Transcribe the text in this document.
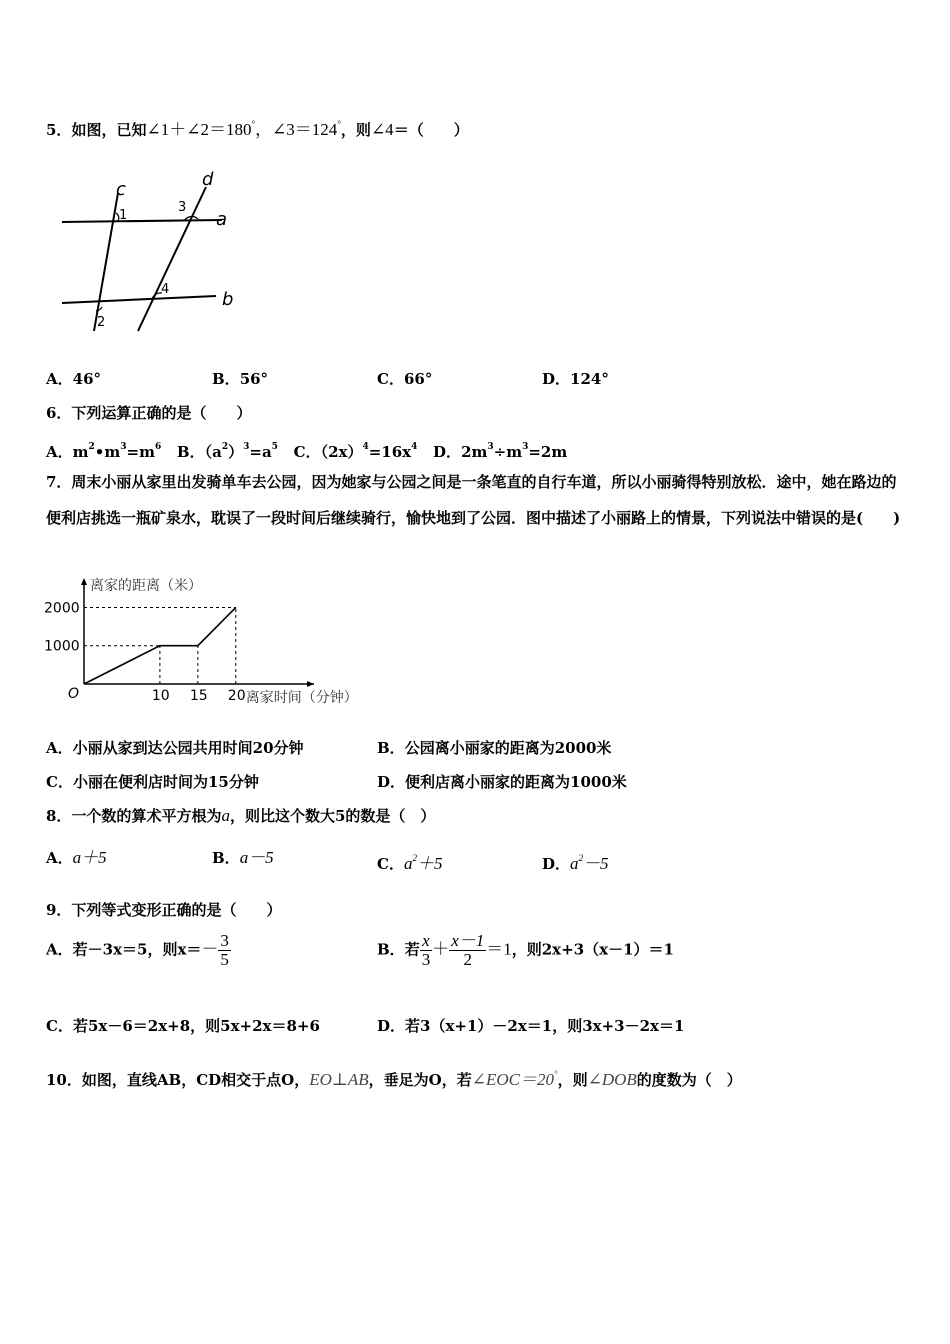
5．如图，已知∠1＋∠2＝180°，∠3＝124°，则∠4＝（　　）
c	d
a
b
1
2
3
4
A．46°	B．56°	C．66°	D．124°
6．下列运算正确的是（　　）
A．$m^2•m^3=m^6$ B．$(a^2)^3=a^5$ C．$(2x)^4=16x^4$ D．$2m^3\div m^3=2m$
7．周末小丽从家里出发骑单车去公园，因为她家与公园之间是一条笔直的自行车道，所以小丽骑得特别放松．途中，她在路边的便利店挑选一瓶矿泉水，耽误了一段时间后继续骑行，愉快地到了公园．图中描述了小丽路上的情景，下列说法中错误的是(　　)
离家的距离（米）
离家时间（分钟）
O
1000
2000
10 15 20
A．小丽从家到达公园共用时间20分钟	B．公园离小丽家的距离为2000米
C．小丽在便利店时间为15分钟	D．便利店离小丽家的距离为1000米
8．一个数的算术平方根为a，则比这个数大5的数是（　）
A．a＋5	B．a－5	C．$a^2+5$	D．$a^2-5$
9．下列等式变形正确的是（　　）
A．若－3x＝5，则$x=- \frac{3}{5}$	B．若 $\frac{x}{3} + \frac{x-1}{2} =1$，则2x+3（x－1）＝1
C．若5x－6＝2x+8，则5x+2x＝8+6	D．若3（x+1）－2x＝1，则3x+3－2x＝1
10．如图，直线AB，CD相交于点O，EO⊥AB，垂足为O，若∠EOC＝20°，则∠DOB的度数为（　）
